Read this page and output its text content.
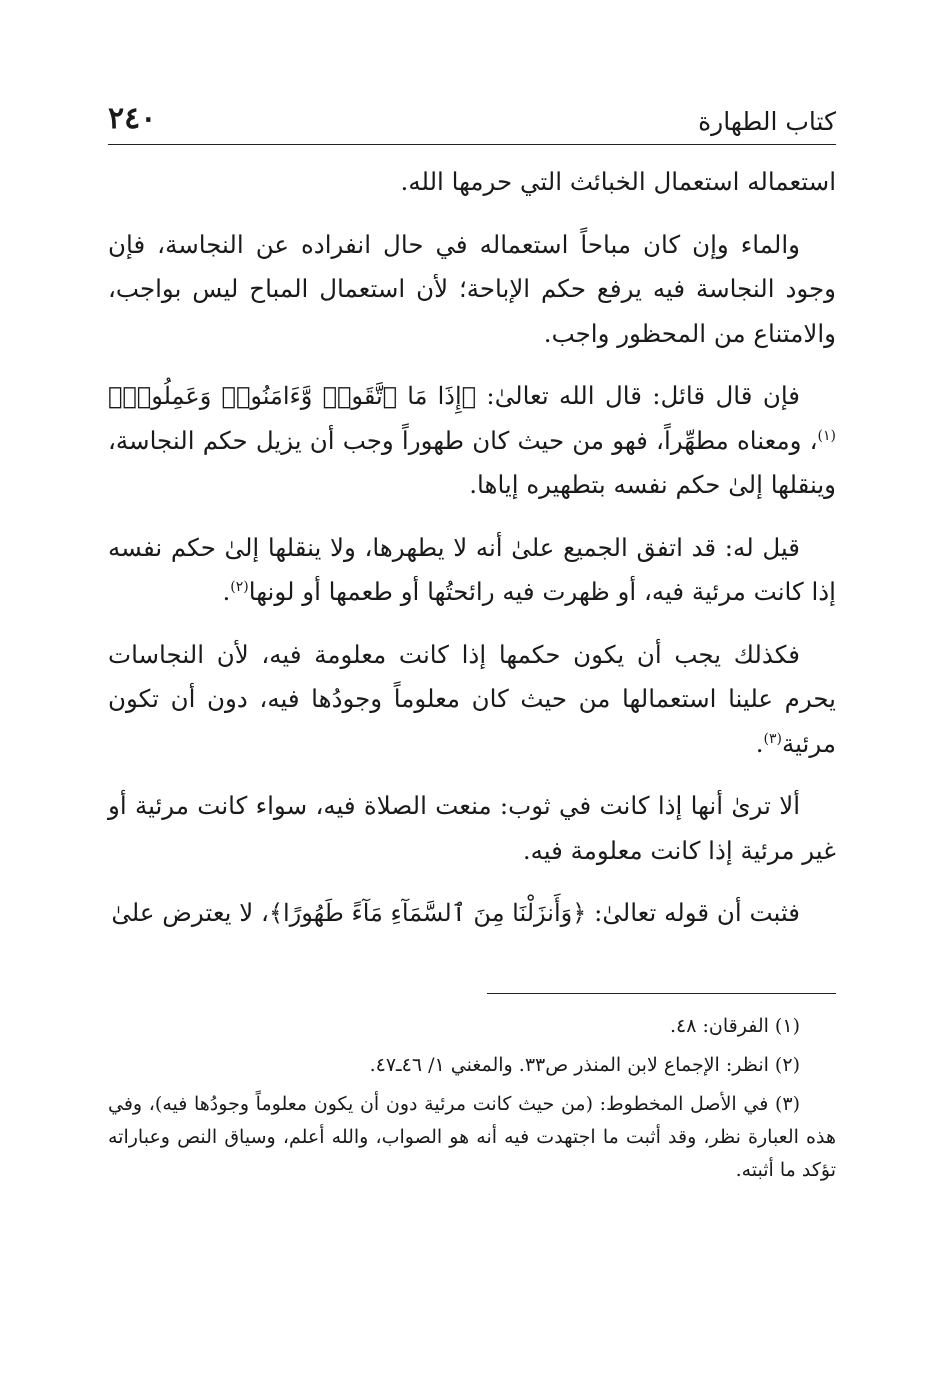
كتاب الطهارة
٢٤٠

استعماله استعمال الخبائث التي حرمها الله.

والماء وإن كان مباحاً استعماله في حال انفراده عن النجاسة، فإن وجود النجاسة فيه يرفع حكم الإباحة؛ لأن استعمال المباح ليس بواجب، والامتناع من المحظور واجب.

فإن قال قائل: قال الله تعالىٰ: ﴿إِذَا مَا ٱتَّقَوا۟ وَّءَامَنُوا۟ وَعَمِلُوا۟﴾$^{(١)}$، ومعناه مطهِّراً، فهو من حيث كان طهوراً وجب أن يزيل حكم النجاسة، وينقلها إلىٰ حكم نفسه بتطهيره إياها.

قيل له: قد اتفق الجميع علىٰ أنه لا يطهرها، ولا ينقلها إلىٰ حكم نفسه إذا كانت مرئية فيه، أو ظهرت فيه رائحتُها أو طعمها أو لونها$^{(٢)}$.

فكذلك يجب أن يكون حكمها إذا كانت معلومة فيه، لأن النجاسات يحرم علينا استعمالها من حيث كان معلوماً وجودُها فيه، دون أن تكون مرئية$^{(٣)}$.

ألا ترىٰ أنها إذا كانت في ثوب: منعت الصلاة فيه، سواء كانت مرئية أو غير مرئية إذا كانت معلومة فيه.

فثبت أن قوله تعالىٰ: ﴿وَأَنزَلْنَا مِنَ ٱلسَّمَآءِ مَآءً طَهُورًا﴾، لا يعترض علىٰ

(١) الفرقان: ٤٨.

(٢) انظر: الإجماع لابن المنذر ص٣٣. والمغني ١/ ٤٦ـ٤٧.

(٣) في الأصل المخطوط: (من حيث كانت مرئية دون أن يكون معلوماً وجودُها فيه)، وفي هذه العبارة نظر، وقد أثبت ما اجتهدت فيه أنه هو الصواب، والله أعلم، وسياق النص وعباراته تؤكد ما أثبته.
